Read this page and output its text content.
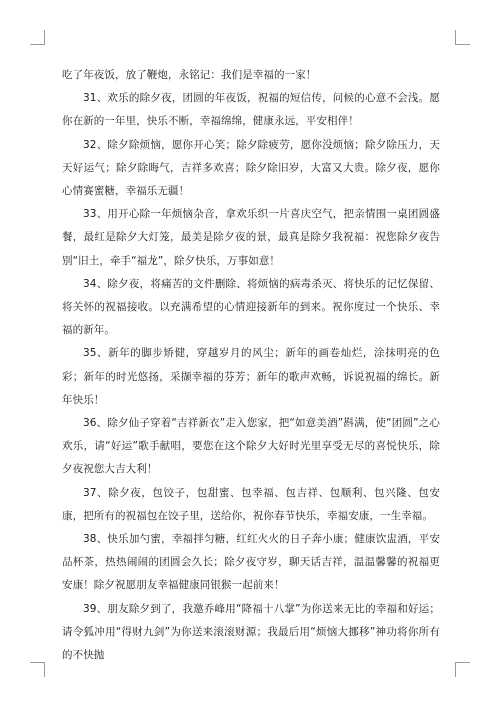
吃了年夜饭，放了鞭炮，永铭记：我们是幸福的一家！

31、欢乐的除夕夜，团圆的年夜饭，祝福的短信传，问候的心意不会浅。愿你在新的一年里，快乐不断，幸福绵绵，健康永远，平安相伴！

32、除夕除烦恼，愿你开心笑；除夕除疲劳，愿你没烦恼；除夕除压力，天天好运气；除夕除晦气，吉祥多欢喜；除夕除旧岁，大富又大贵。除夕夜，愿你心情赛蜜糖，幸福乐无疆！

33、用开心除一年烦恼杂音，拿欢乐织一片喜庆空气，把亲情围一桌团圆盛餐，最红是除夕大灯笼，最美是除夕夜的景，最真是除夕我祝福：祝您除夕夜告别“旧土，牵手“福龙”，除夕快乐，万事如意！

34、除夕夜，将痛苦的文件删除、将烦恼的病毒杀灭、将快乐的记忆保留、将关怀的祝福接收。以充满希望的心情迎接新年的到来。祝你度过一个快乐、幸福的新年。

35、新年的脚步矫健，穿越岁月的风尘；新年的画卷灿烂，涂抹明亮的色彩；新年的时光悠扬，采撷幸福的芬芳；新年的歌声欢畅，诉说祝福的绵长。新年快乐！

36、除夕仙子穿着“吉祥新衣”走入您家，把“如意美酒”斟满，使“团圆”之心欢乐，请“好运”歌手献唱，要您在这个除夕大好时光里享受无尽的喜悦快乐，除夕夜祝您大吉大利！

37、除夕夜，包饺子，包甜蜜、包幸福、包吉祥、包顺利、包兴隆、包安康，把所有的祝福包在饺子里，送给你，祝你春节快乐，幸福安康，一生幸福。

38、快乐加勺蜜，幸福拌匀糖，红红火火的日子奔小康；健康饮盅酒，平安品杯茶，热热闹闹的团圆会久长；除夕夜守岁，聊天话吉祥，温温馨馨的祝福更安康！除夕祝愿朋友幸福健康同银猴一起前来！

39、朋友除夕到了，我邀乔峰用“降福十八掌”为你送来无比的幸福和好运；请令狐冲用“得财九剑”为你送来滚滚财源；我最后用“烦恼大挪移”神功将你所有的不快抛
